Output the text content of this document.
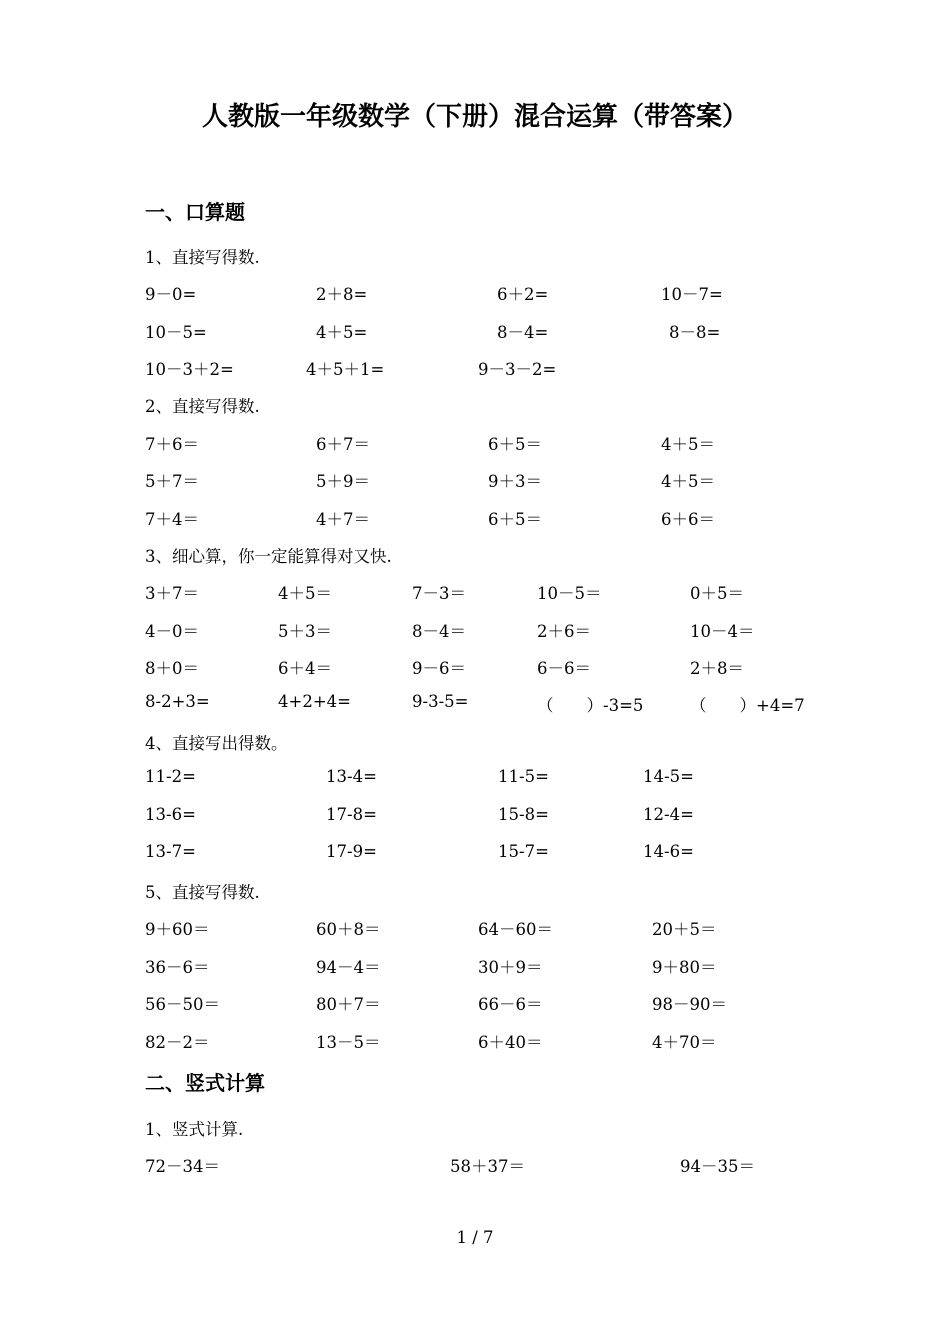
人教版一年级数学（下册）混合运算（带答案）
一、口算题
1、直接写得数.
9－0=	2＋8=	6＋2=	10－7=
10－5=	4＋5=	8－4=	8－8=
10－3＋2=	4＋5＋1=	9－3－2=
2、直接写得数.
7＋6＝	6＋7＝	6＋5＝	4＋5＝
5＋7＝	5＋9＝	9＋3＝	4＋5＝
7＋4＝	4＋7＝	6＋5＝	6＋6＝
3、细心算，你一定能算得对又快.
3＋7＝	4＋5＝	7－3＝	10－5＝	0＋5＝
4－0＝	5＋3＝	8－4＝	2＋6＝	10－4＝
8＋0＝	6＋4＝	9－6＝	6－6＝	2＋8＝
8-2+3=	4+2+4=	9-3-5=	（　　）-3=5	（　　）+4=7
4、直接写出得数。
11-2=	13-4=	11-5=	14-5=
13-6=	17-8=	15-8=	12-4=
13-7=	17-9=	15-7=	14-6=
5、直接写得数.
9＋60＝	60＋8＝	64－60＝	20＋5＝
36－6＝	94－4＝	30＋9＝	9＋80＝
56－50＝	80＋7＝	66－6＝	98－90＝
82－2＝	13－5＝	6＋40＝	4＋70＝
二、竖式计算
1、竖式计算.
72－34＝	58＋37＝	94－35＝
1 / 7
